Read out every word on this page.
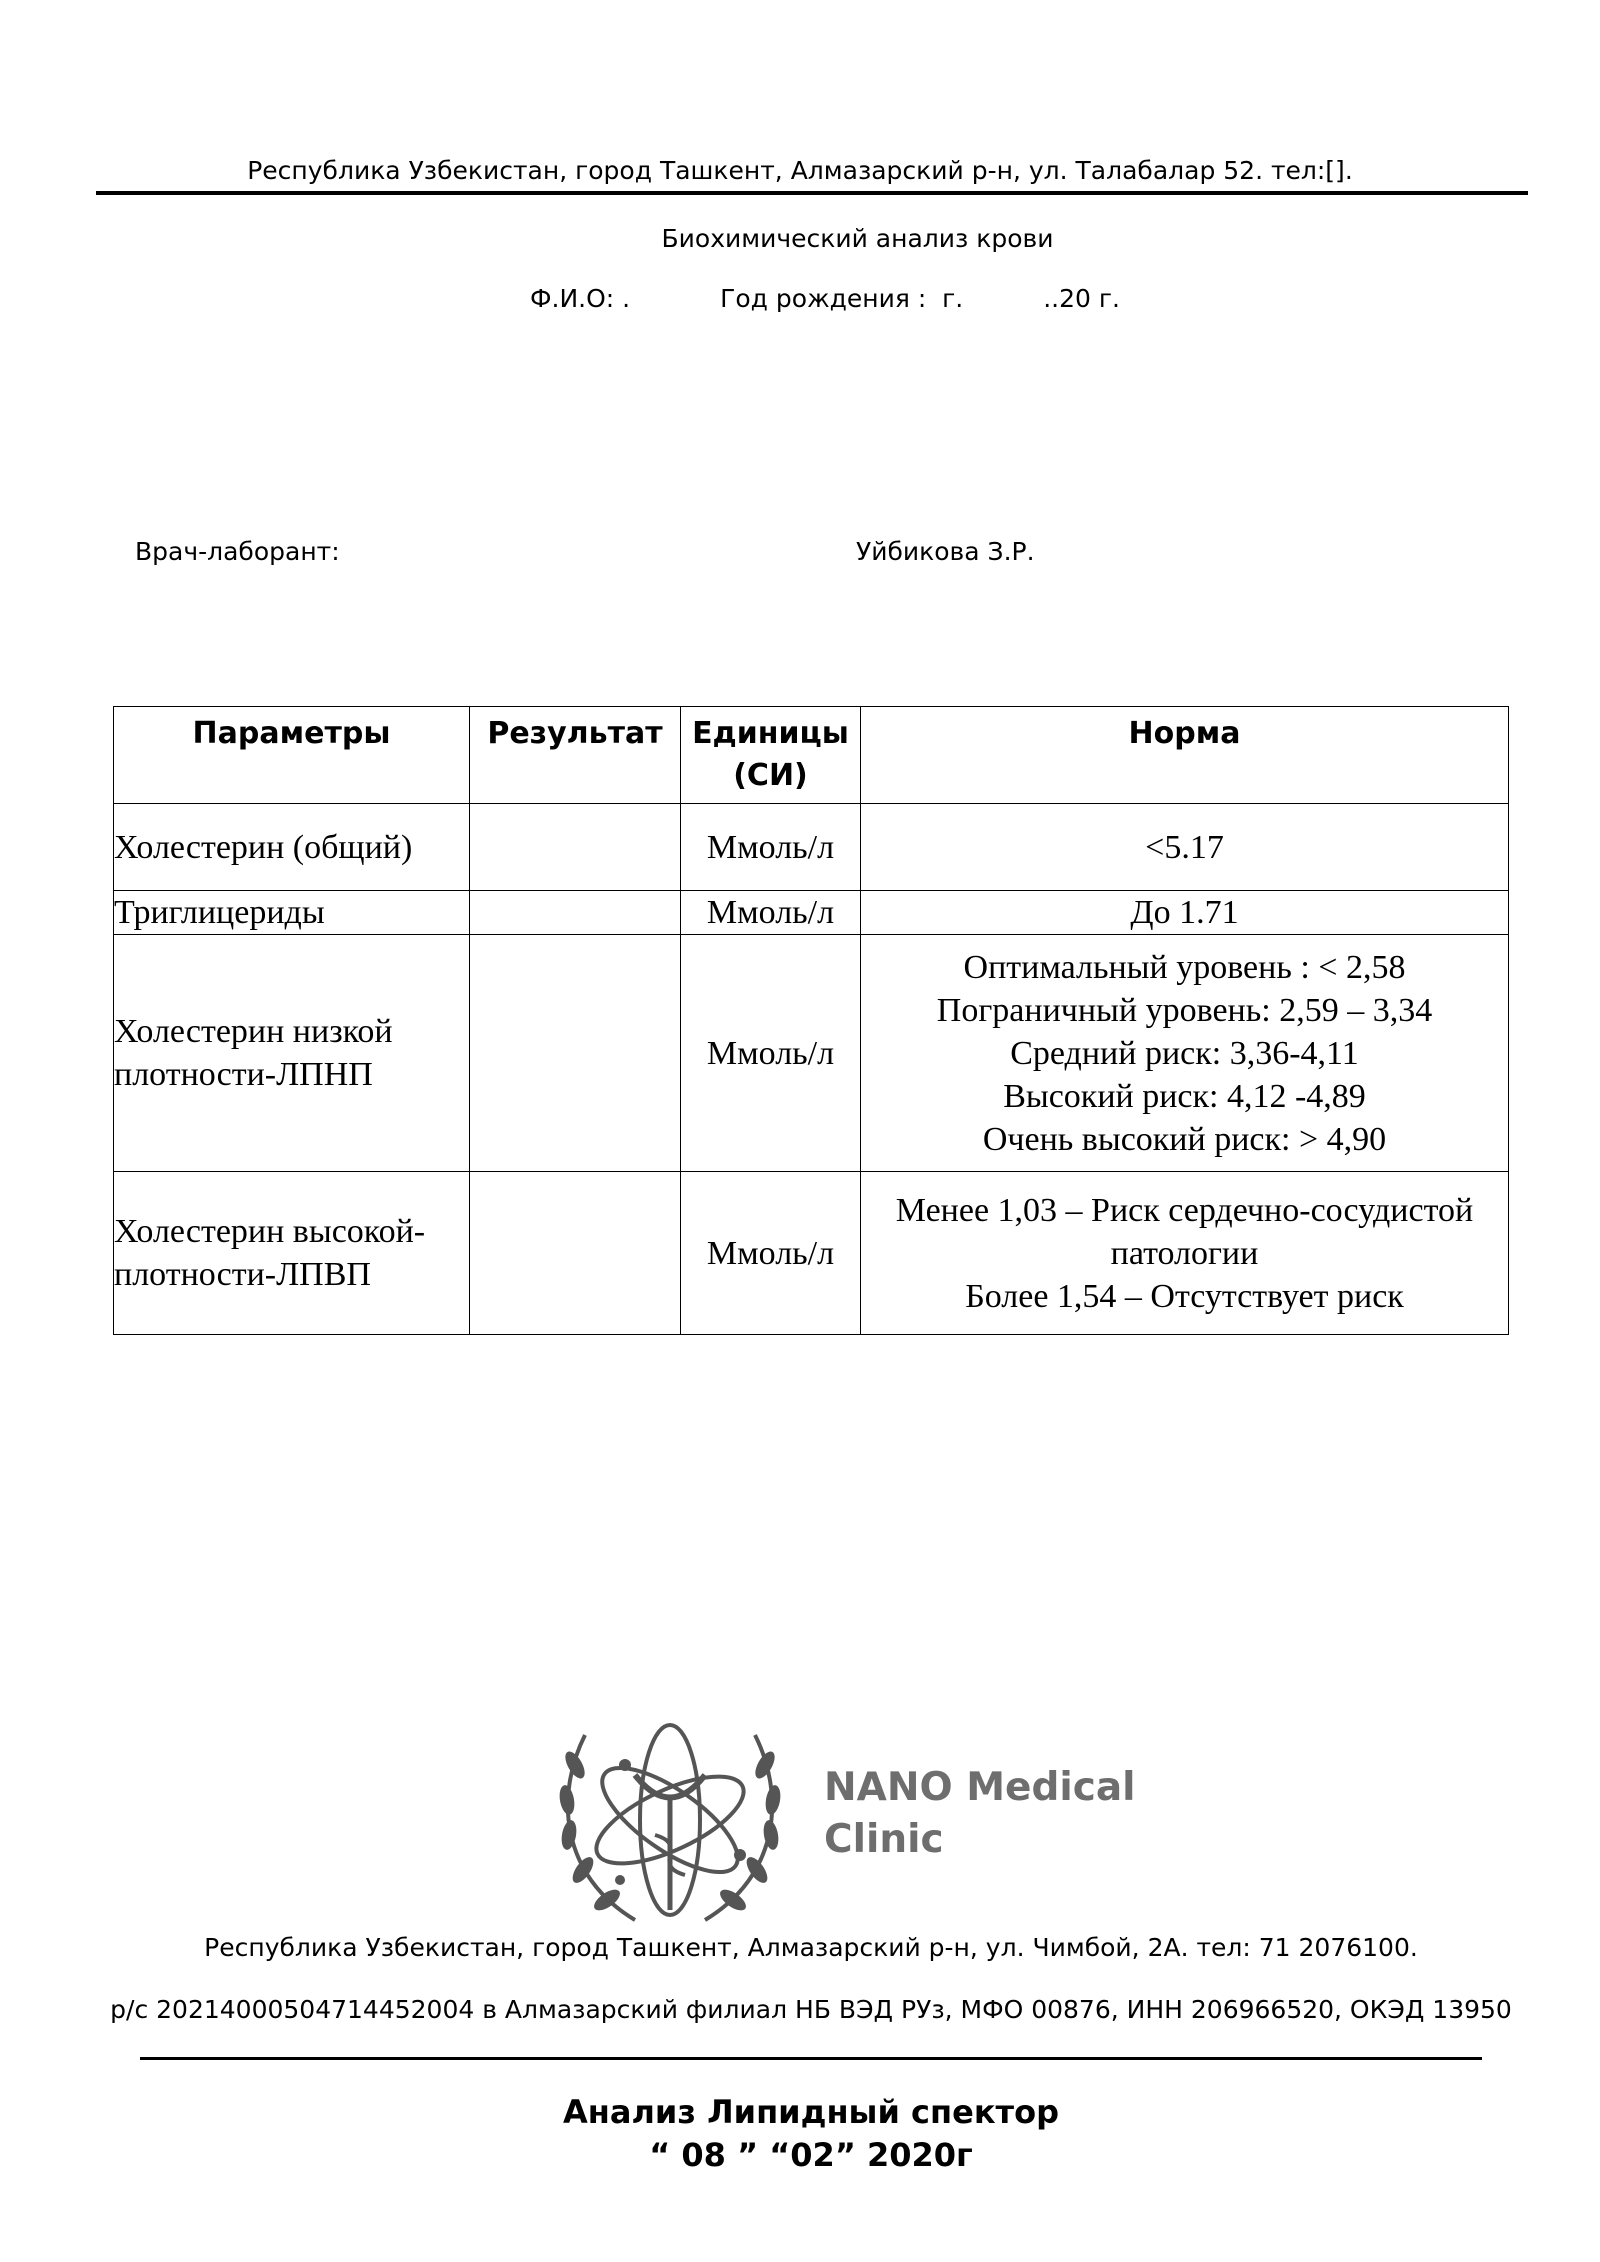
Республика Узбекистан, город Ташкент, Алмазарский р-н, ул. Талабалар 52. тел:[].
Биохимический анализ крови
Ф.И.О: .	Год рождения :  г.	..20 г.
Врач-лаборант:	Уйбикова З.Р.
Параметры	Результат	Единицы (СИ)	Норма
Холестерин (общий)		Ммоль/л	<5.17

Триглицериды		Ммоль/л	До 1.71

Холестерин низкой плотности-ЛПНП		Ммоль/л	Оптимальный уровень : < 2,58
Пограничный уровень: 2,59 – 3,34
Средний риск: 3,36-4,11
Высокий риск: 4,12 -4,89
Очень высокий риск: > 4,90

Холестерин высокой-плотности-ЛПВП		Ммоль/л	Менее 1,03 – Риск сердечно-сосудистой патологии
Более 1,54 – Отсутствует риск
NANO Medical
Clinic
Республика Узбекистан, город Ташкент, Алмазарский р-н, ул. Чимбой, 2А. тел: 71 2076100.
р/с 20214000504714452004 в Алмазарский филиал НБ ВЭД РУз, МФО 00876, ИНН 206966520, ОКЭД 13950
Анализ Липидный спектор
“ 08 ” “02” 2020г
